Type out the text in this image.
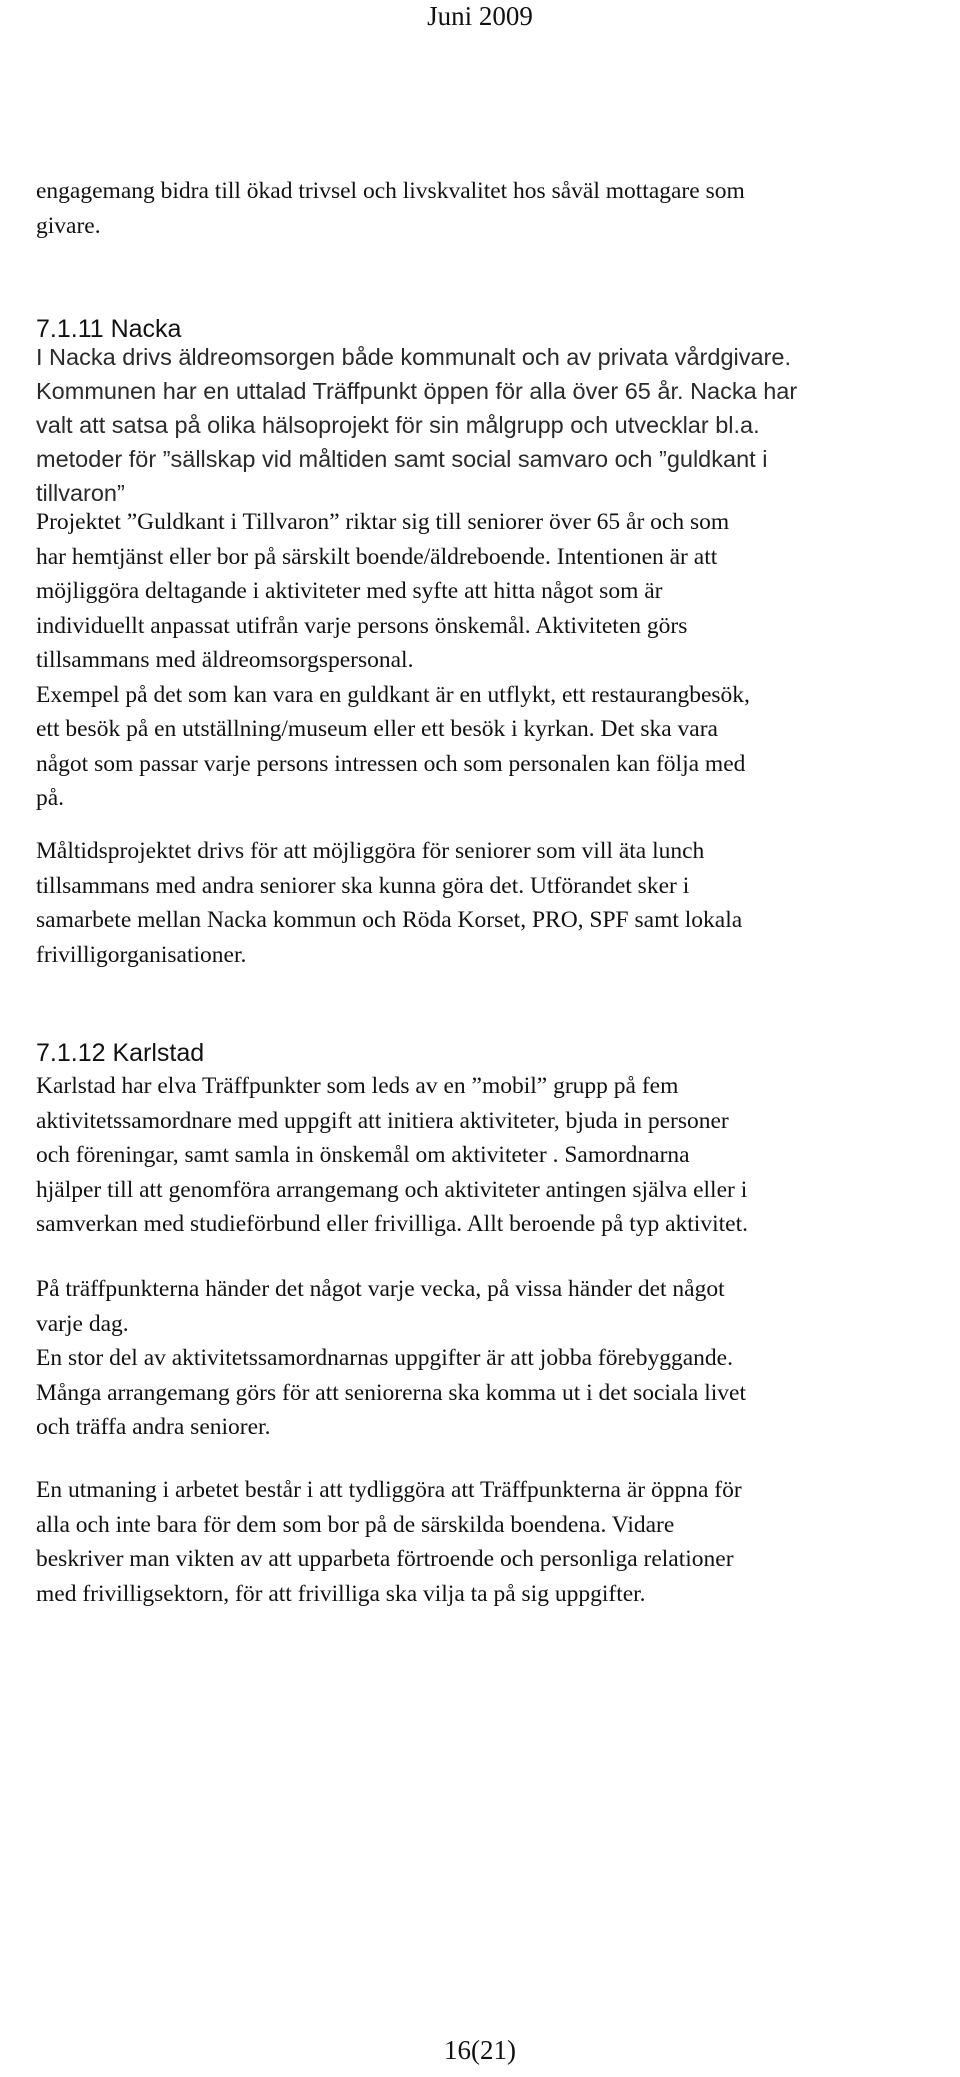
Juni 2009
engagemang bidra till ökad trivsel och livskvalitet hos såväl mottagare som
givare.
7.1.11 Nacka
I Nacka drivs äldreomsorgen både kommunalt och av privata vårdgivare.
Kommunen har en uttalad Träffpunkt öppen för alla över 65 år. Nacka har
valt att satsa på olika hälsoprojekt för sin målgrupp och utvecklar bl.a.
metoder för ”sällskap vid måltiden samt social samvaro och ”guldkant i
tillvaron”
Projektet ”Guldkant i Tillvaron” riktar sig till seniorer över 65 år och som
har hemtjänst eller bor på särskilt boende/äldreboende. Intentionen är att
möjliggöra deltagande i aktiviteter med syfte att hitta något som är
individuellt anpassat utifrån varje persons önskemål. Aktiviteten görs
tillsammans med äldreomsorgspersonal.
Exempel på det som kan vara en guldkant är en utflykt, ett restaurangbesök,
ett besök på en utställning/museum eller ett besök i kyrkan. Det ska vara
något som passar varje persons intressen och som personalen kan följa med
på.
Måltidsprojektet drivs för att möjliggöra för seniorer som vill äta lunch
tillsammans med andra seniorer ska kunna göra det. Utförandet sker i
samarbete mellan Nacka kommun och Röda Korset, PRO, SPF samt lokala
frivilligorganisationer.
7.1.12 Karlstad
Karlstad har elva Träffpunkter som leds av en ”mobil” grupp på fem
aktivitetssamordnare med uppgift att initiera aktiviteter, bjuda in personer
och föreningar, samt samla in önskemål om aktiviteter . Samordnarna
hjälper till att genomföra arrangemang och aktiviteter antingen själva eller i
samverkan med studieförbund eller frivilliga. Allt beroende på typ aktivitet.
På träffpunkterna händer det något varje vecka, på vissa händer det något
varje dag.
En stor del av aktivitetssamordnarnas uppgifter är att jobba förebyggande.
Många arrangemang görs för att seniorerna ska komma ut i det sociala livet
och träffa andra seniorer.
En utmaning i arbetet består i att tydliggöra att Träffpunkterna är öppna för
alla och inte bara för dem som bor på de särskilda boendena. Vidare
beskriver man vikten av att upparbeta förtroende och personliga relationer
med frivilligsektorn, för att frivilliga ska vilja ta på sig uppgifter.
16(21)
